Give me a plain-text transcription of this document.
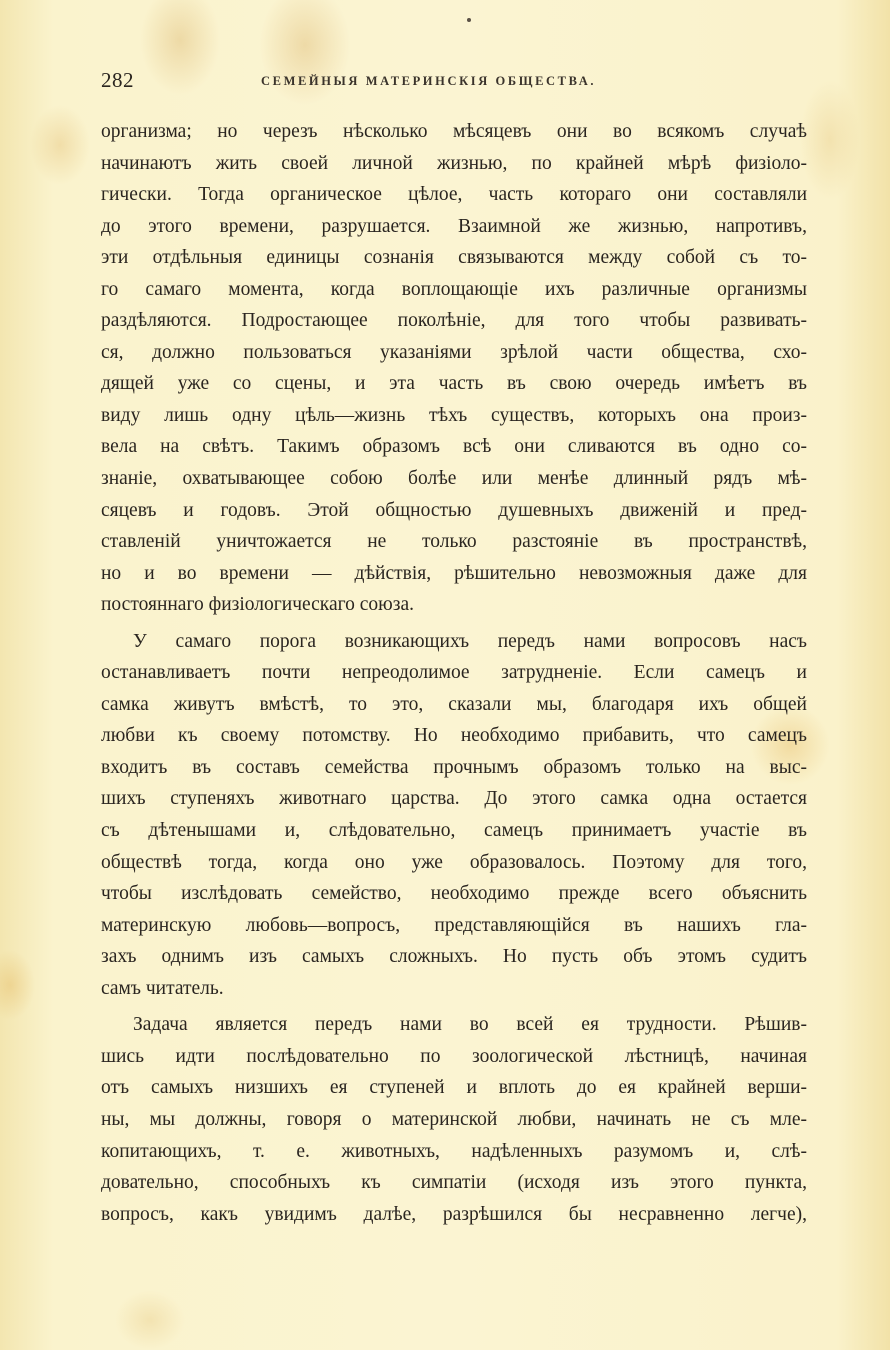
282	СЕМЕЙНЫЯ МАТЕРИНСКІЯ ОБЩЕСТВА.
организма; но черезъ нѣсколько мѣсяцевъ они во всякомъ случаѣ
начинаютъ жить своей личной жизнью, по крайней мѣрѣ физіоло-
гически. Тогда органическое цѣлое, часть котораго они составляли
до этого времени, разрушается. Взаимной же жизнью, напротивъ,
эти отдѣльныя единицы сознанія связываются между собой съ то-
го самаго момента, когда воплощающіе ихъ различные организмы
раздѣляются. Подростающее поколѣніе, для того чтобы развивать-
ся, должно пользоваться указаніями зрѣлой части общества, схо-
дящей уже со сцены, и эта часть въ свою очередь имѣетъ въ
виду лишь одну цѣль—жизнь тѣхъ существъ, которыхъ она произ-
вела на свѣтъ. Такимъ образомъ всѣ они сливаются въ одно со-
знаніе, охватывающее собою болѣе или менѣе длинный рядъ мѣ-
сяцевъ и годовъ. Этой общностью душевныхъ движеній и пред-
ставленій уничтожается не только разстояніе въ пространствѣ,
но и во времени — дѣйствія, рѣшительно невозможныя даже для
постояннаго физіологическаго союза.
У самаго порога возникающихъ передъ нами вопросовъ насъ
останавливаетъ почти непреодолимое затрудненіе. Если самецъ и
самка живутъ вмѣстѣ, то это, сказали мы, благодаря ихъ общей
любви къ своему потомству. Но необходимо прибавить, что самецъ
входитъ въ составъ семейства прочнымъ образомъ только на выс-
шихъ ступеняхъ животнаго царства. До этого самка одна остается
съ дѣтенышами и, слѣдовательно, самецъ принимаетъ участіе въ
обществѣ тогда, когда оно уже образовалось. Поэтому для того,
чтобы изслѣдовать семейство, необходимо прежде всего объяснить
материнскую любовь—вопросъ, представляющійся въ нашихъ гла-
захъ однимъ изъ самыхъ сложныхъ. Но пусть объ этомъ судитъ
самъ читатель.
Задача является передъ нами во всей ея трудности. Рѣшив-
шись идти послѣдовательно по зоологической лѣстницѣ, начиная
отъ самыхъ низшихъ ея ступеней и вплоть до ея крайней верши-
ны, мы должны, говоря о материнской любви, начинать не съ мле-
копитающихъ, т. е. животныхъ, надѣленныхъ разумомъ и, слѣ-
довательно, способныхъ къ симпатіи (исходя изъ этого пункта,
вопросъ, какъ увидимъ далѣе, разрѣшился бы несравненно легче),
